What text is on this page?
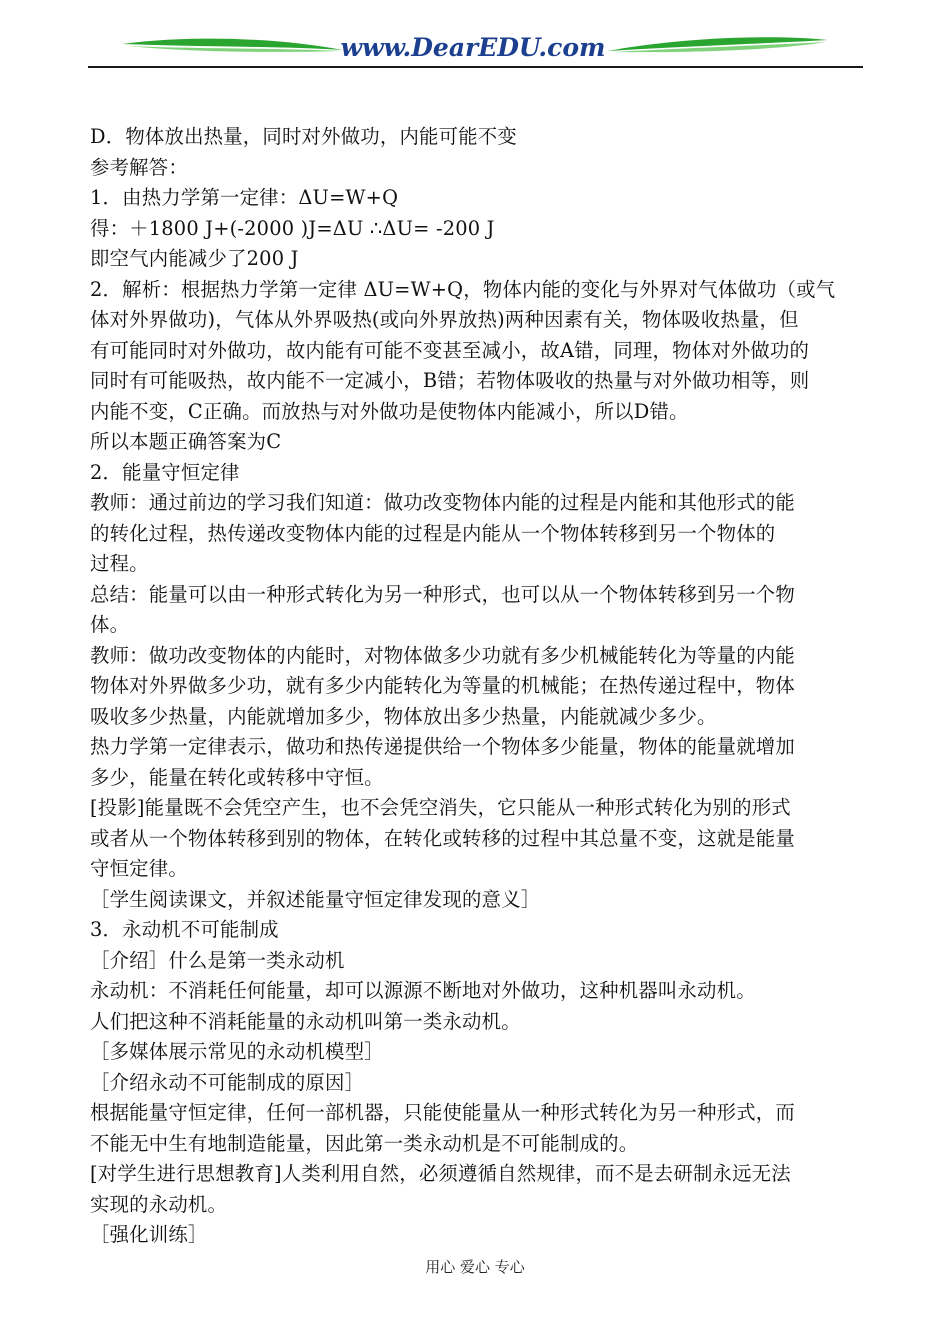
www.DearEDU.com
D．物体放出热量，同时对外做功，内能可能不变
参考解答：
1．由热力学第一定律：ΔU=W+Q
得：＋1800 J+(-2000 )J=ΔU ∴ΔU= -200 J
即空气内能减少了200 J
2．解析：根据热力学第一定律 ΔU=W+Q，物体内能的变化与外界对气体做功（或气
体对外界做功)，气体从外界吸热(或向外界放热)两种因素有关，物体吸收热量，但
有可能同时对外做功，故内能有可能不变甚至减小，故A错，同理，物体对外做功的
同时有可能吸热，故内能不一定减小，B错；若物体吸收的热量与对外做功相等，则
内能不变，C正确。而放热与对外做功是使物体内能减小，所以D错。
所以本题正确答案为C
2．能量守恒定律
教师：通过前边的学习我们知道：做功改变物体内能的过程是内能和其他形式的能
的转化过程，热传递改变物体内能的过程是内能从一个物体转移到另一个物体的
过程。
总结：能量可以由一种形式转化为另一种形式，也可以从一个物体转移到另一个物
体。
教师：做功改变物体的内能时，对物体做多少功就有多少机械能转化为等量的内能
物体对外界做多少功，就有多少内能转化为等量的机械能；在热传递过程中，物体
吸收多少热量，内能就增加多少，物体放出多少热量，内能就减少多少。
热力学第一定律表示，做功和热传递提供给一个物体多少能量，物体的能量就增加
多少，能量在转化或转移中守恒。
[投影]能量既不会凭空产生，也不会凭空消失，它只能从一种形式转化为别的形式
或者从一个物体转移到别的物体，在转化或转移的过程中其总量不变，这就是能量
守恒定律。
［学生阅读课文，并叙述能量守恒定律发现的意义］
3．永动机不可能制成
［介绍］什么是第一类永动机
永动机：不消耗任何能量，却可以源源不断地对外做功，这种机器叫永动机。
人们把这种不消耗能量的永动机叫第一类永动机。
［多媒体展示常见的永动机模型］
［介绍永动不可能制成的原因］
根据能量守恒定律，任何一部机器，只能使能量从一种形式转化为另一种形式，而
不能无中生有地制造能量，因此第一类永动机是不可能制成的。
[对学生进行思想教育]人类利用自然，必须遵循自然规律，而不是去研制永远无法
实现的永动机。
［强化训练］
用心 爱心 专心
